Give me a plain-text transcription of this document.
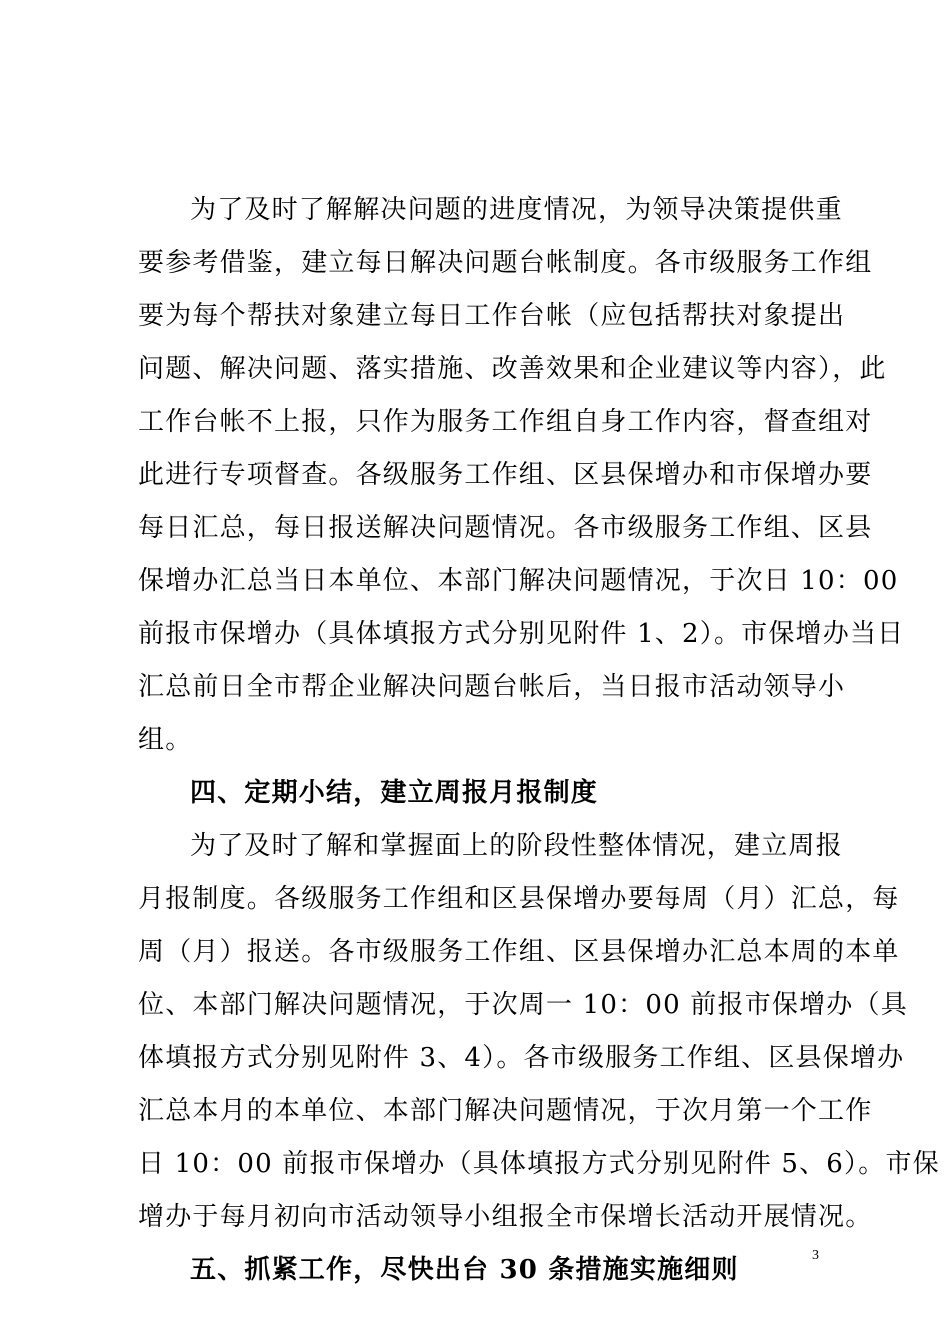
为了及时了解解决问题的进度情况，为领导决策提供重
要参考借鉴，建立每日解决问题台帐制度。各市级服务工作组
要为每个帮扶对象建立每日工作台帐（应包括帮扶对象提出
问题、解决问题、落实措施、改善效果和企业建议等内容），此
工作台帐不上报，只作为服务工作组自身工作内容，督查组对
此进行专项督查。各级服务工作组、区县保增办和市保增办要
每日汇总，每日报送解决问题情况。各市级服务工作组、区县
保增办汇总当日本单位、本部门解决问题情况，于次日 10：00
前报市保增办（具体填报方式分别见附件 1、2）。市保增办当日
汇总前日全市帮企业解决问题台帐后，当日报市活动领导小
组。
四、定期小结，建立周报月报制度
为了及时了解和掌握面上的阶段性整体情况，建立周报
月报制度。各级服务工作组和区县保增办要每周（月）汇总，每
周（月）报送。各市级服务工作组、区县保增办汇总本周的本单
位、本部门解决问题情况，于次周一 10：00 前报市保增办（具
体填报方式分别见附件 3、4）。各市级服务工作组、区县保增办
汇总本月的本单位、本部门解决问题情况，于次月第一个工作
日 10：00 前报市保增办（具体填报方式分别见附件 5、6）。市保
增办于每月初向市活动领导小组报全市保增长活动开展情况。
五、抓紧工作，尽快出台 30 条措施实施细则	3
